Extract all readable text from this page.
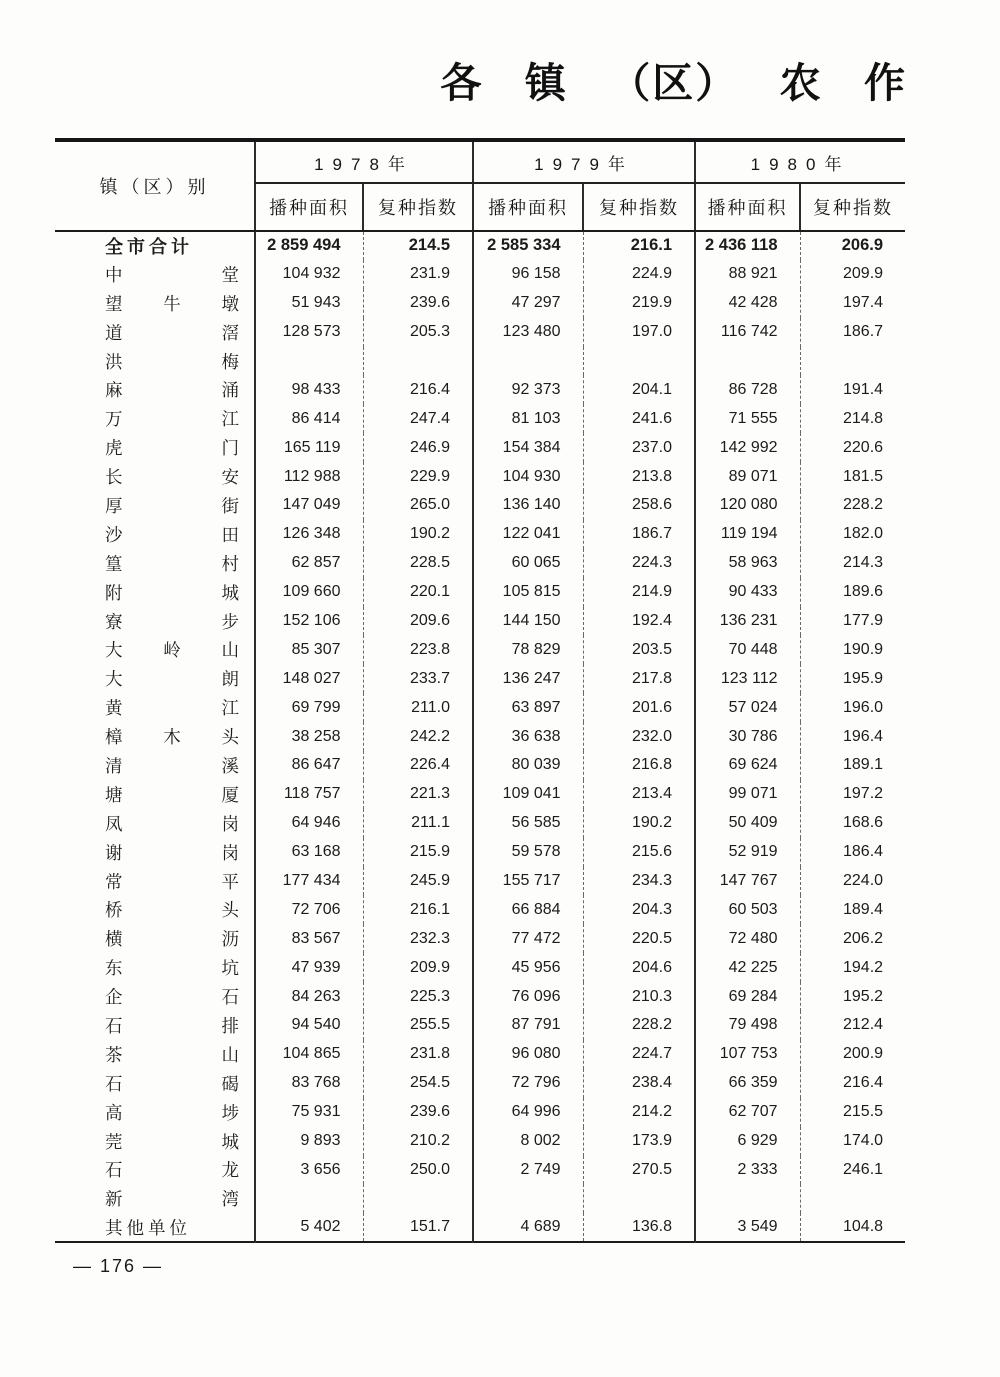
各 镇 （区） 农 作
镇（区）别	1978年		1979年		1980年	
	播种面积	复种指数	播种面积	复种指数	播种面积	复种指数
全市合计	2 859 494	214.5	2 585 334	216.1	2 436 118	206.9

中 堂	104 932	231.9	96 158	224.9	88 921	209.9

望 牛 墩	51 943	239.6	47 297	219.9	42 428	197.4

道 滘	128 573	205.3	123 480	197.0	116 742	186.7

洪 梅						

麻 涌	98 433	216.4	92 373	204.1	86 728	191.4

万 江	86 414	247.4	81 103	241.6	71 555	214.8

虎 门	165 119	246.9	154 384	237.0	142 992	220.6

长 安	112 988	229.9	104 930	213.8	89 071	181.5

厚 街	147 049	265.0	136 140	258.6	120 080	228.2

沙 田	126 348	190.2	122 041	186.7	119 194	182.0

篁 村	62 857	228.5	60 065	224.3	58 963	214.3

附 城	109 660	220.1	105 815	214.9	90 433	189.6

寮 步	152 106	209.6	144 150	192.4	136 231	177.9

大 岭 山	85 307	223.8	78 829	203.5	70 448	190.9

大 朗	148 027	233.7	136 247	217.8	123 112	195.9

黄 江	69 799	211.0	63 897	201.6	57 024	196.0

樟 木 头	38 258	242.2	36 638	232.0	30 786	196.4

清 溪	86 647	226.4	80 039	216.8	69 624	189.1

塘 厦	118 757	221.3	109 041	213.4	99 071	197.2

凤 岗	64 946	211.1	56 585	190.2	50 409	168.6

谢 岗	63 168	215.9	59 578	215.6	52 919	186.4

常 平	177 434	245.9	155 717	234.3	147 767	224.0

桥 头	72 706	216.1	66 884	204.3	60 503	189.4

横 沥	83 567	232.3	77 472	220.5	72 480	206.2

东 坑	47 939	209.9	45 956	204.6	42 225	194.2

企 石	84 263	225.3	76 096	210.3	69 284	195.2

石 排	94 540	255.5	87 791	228.2	79 498	212.4

茶 山	104 865	231.8	96 080	224.7	107 753	200.9

石 碣	83 768	254.5	72 796	238.4	66 359	216.4

高 埗	75 931	239.6	64 996	214.2	62 707	215.5

莞 城	9 893	210.2	8 002	173.9	6 929	174.0

石 龙	3 656	250.0	2 749	270.5	2 333	246.1

新 湾						

其他单位	5 402	151.7	4 689	136.8	3 549	104.8
— 176 —
